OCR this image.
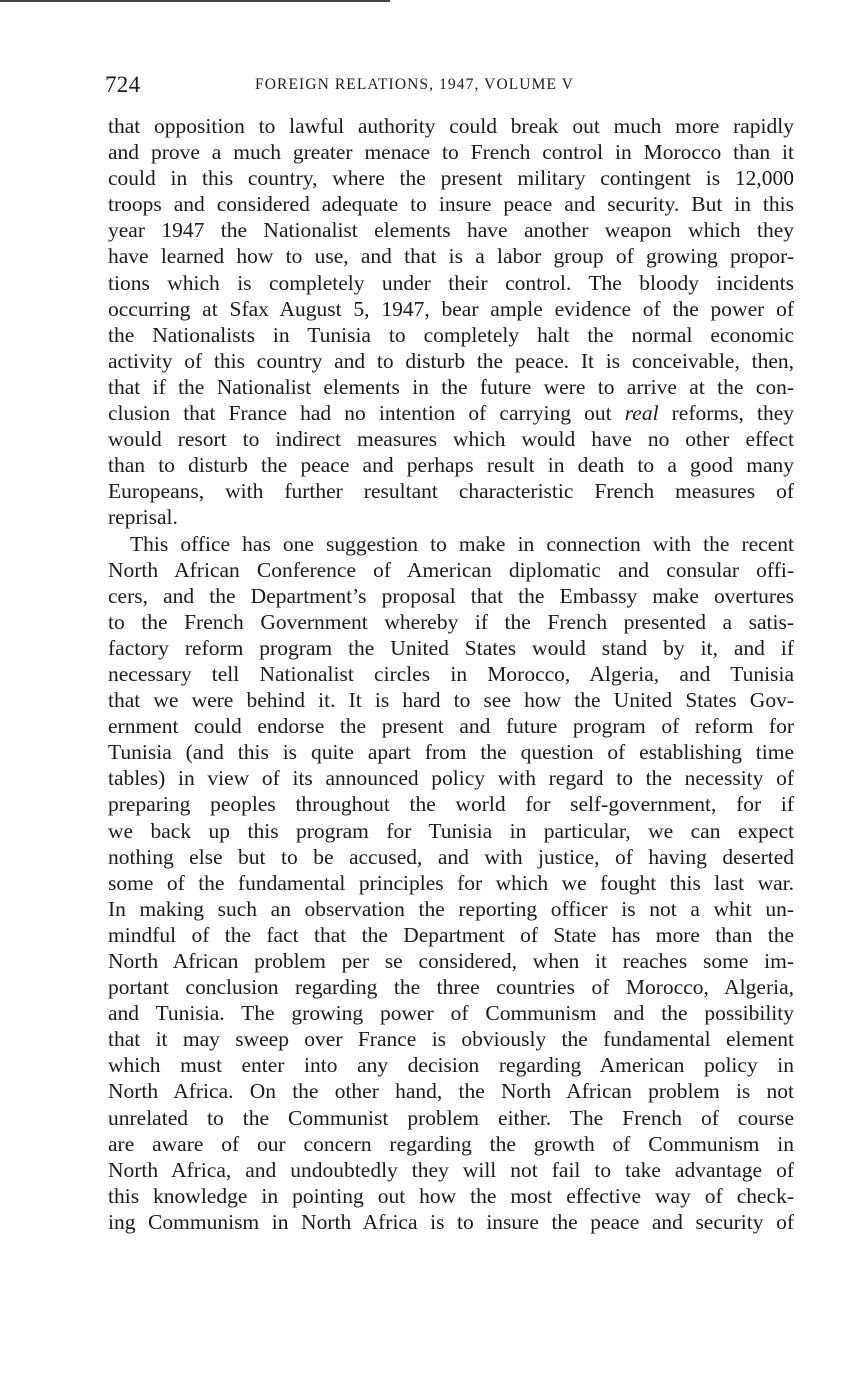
724	FOREIGN RELATIONS, 1947, VOLUME V
that opposition to lawful authority could break out much more rapidly
and prove a much greater menace to French control in Morocco than it
could in this country, where the present military contingent is 12,000
troops and considered adequate to insure peace and security. But in this
year 1947 the Nationalist elements have another weapon which they
have learned how to use, and that is a labor group of growing propor-
tions which is completely under their control. The bloody incidents
occurring at Sfax August 5, 1947, bear ample evidence of the power of
the Nationalists in Tunisia to completely halt the normal economic
activity of this country and to disturb the peace. It is conceivable, then,
that if the Nationalist elements in the future were to arrive at the con-
clusion that France had no intention of carrying out real reforms, they
would resort to indirect measures which would have no other effect
than to disturb the peace and perhaps result in death to a good many
Europeans, with further resultant characteristic French measures of
reprisal.
This office has one suggestion to make in connection with the recent
North African Conference of American diplomatic and consular offi-
cers, and the Department’s proposal that the Embassy make overtures
to the French Government whereby if the French presented a satis-
factory reform program the United States would stand by it, and if
necessary tell Nationalist circles in Morocco, Algeria, and Tunisia
that we were behind it. It is hard to see how the United States Gov-
ernment could endorse the present and future program of reform for
Tunisia (and this is quite apart from the question of establishing time
tables) in view of its announced policy with regard to the necessity of
preparing peoples throughout the world for self-government, for if
we back up this program for Tunisia in particular, we can expect
nothing else but to be accused, and with justice, of having deserted
some of the fundamental principles for which we fought this last war.
In making such an observation the reporting officer is not a whit un-
mindful of the fact that the Department of State has more than the
North African problem per se considered, when it reaches some im-
portant conclusion regarding the three countries of Morocco, Algeria,
and Tunisia. The growing power of Communism and the possibility
that it may sweep over France is obviously the fundamental element
which must enter into any decision regarding American policy in
North Africa. On the other hand, the North African problem is not
unrelated to the Communist problem either. The French of course
are aware of our concern regarding the growth of Communism in
North Africa, and undoubtedly they will not fail to take advantage of
this knowledge in pointing out how the most effective way of check-
ing Communism in North Africa is to insure the peace and security of
